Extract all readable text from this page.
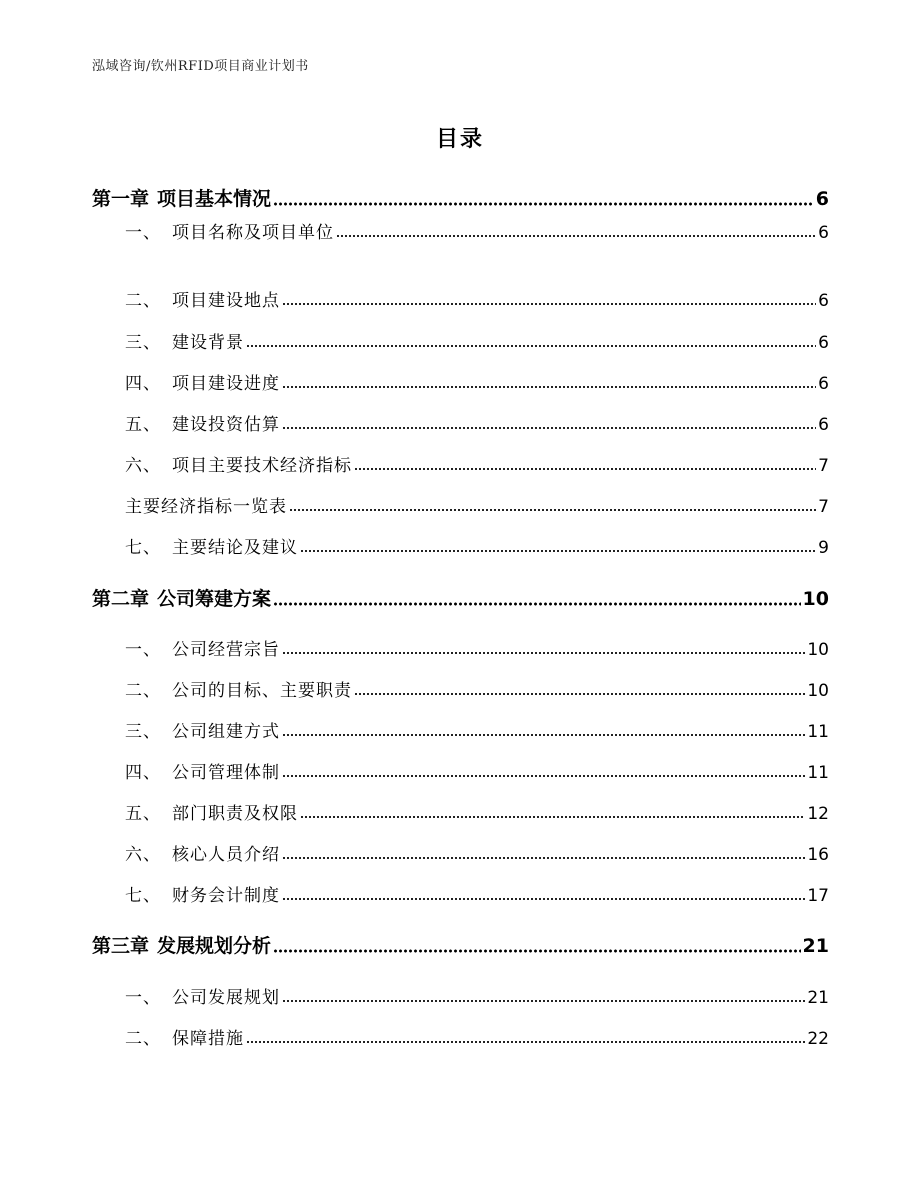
泓域咨询/钦州RFID项目商业计划书
目录
第一章 项目基本情况	6
一、 项目名称及项目单位	6
二、 项目建设地点	6
三、 建设背景	6
四、 项目建设进度	6
五、 建设投资估算	6
六、 项目主要技术经济指标	7
主要经济指标一览表	7
七、 主要结论及建议	9
第二章 公司筹建方案	10
一、 公司经营宗旨	10
二、 公司的目标、主要职责	10
三、 公司组建方式	11
四、 公司管理体制	11
五、 部门职责及权限	12
六、 核心人员介绍	16
七、 财务会计制度	17
第三章 发展规划分析	21
一、 公司发展规划	21
二、 保障措施	22
